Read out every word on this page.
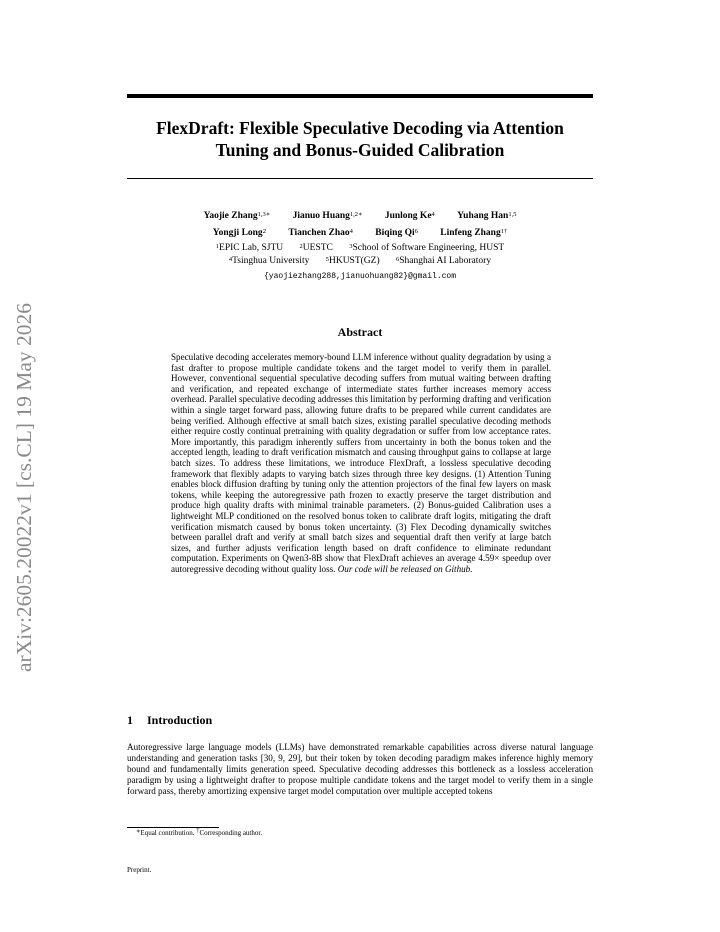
arXiv:2605.20022v1 [cs.CL] 19 May 2026
FlexDraft: Flexible Speculative Decoding via Attention
Tuning and Bonus-Guided Calibration
Yaojie Zhang$^{1,3∗}$ Jianuo Huang$^{1,2∗}$ Junlong Ke$^4$ Yuhang Han$^{1,5}$
Yongji Long$^2$ Tianchen Zhao$^4$ Biqing Qi$^6$ Linfeng Zhang$^{1\dagger}$
$^1$EPIC Lab, SJTU	$^2$UESTC	$^3$School of Software Engineering, HUST
$^4$Tsinghua University	$^5$HKUST(GZ)	$^6$Shanghai AI Laboratory
{yaojiezhang288,jianuohuang82}@gmail.com
Abstract
Speculative decoding accelerates memory-bound LLM inference without quality degradation by using a fast drafter to propose multiple candidate tokens and the target model to verify them in parallel. However, conventional sequential speculative decoding suffers from mutual waiting between drafting and verification, and repeated exchange of intermediate states further increases memory access overhead. Parallel speculative decoding addresses this limitation by performing drafting and verification within a single target forward pass, allowing future drafts to be prepared while current candidates are being verified. Although effective at small batch sizes, existing parallel speculative decoding methods either require costly continual pretraining with quality degradation or suffer from low acceptance rates. More importantly, this paradigm inherently suffers from uncertainty in both the bonus token and the accepted length, leading to draft verification mismatch and causing throughput gains to collapse at large batch sizes. To address these limitations, we introduce FlexDraft, a lossless speculative decoding framework that flexibly adapts to varying batch sizes through three key designs. (1) Attention Tuning enables block diffusion drafting by tuning only the attention projectors of the final few layers on mask tokens, while keeping the autoregressive path frozen to exactly preserve the target distribution and produce high quality drafts with minimal trainable parameters. (2) Bonus-guided Calibration uses a lightweight MLP conditioned on the resolved bonus token to calibrate draft logits, mitigating the draft verification mismatch caused by bonus token uncertainty. (3) Flex Decoding dynamically switches between parallel draft and verify at small batch sizes and sequential draft then verify at large batch sizes, and further adjusts verification length based on draft confidence to eliminate redundant computation. Experiments on Qwen3-8B show that FlexDraft achieves an average 4.59× speedup over autoregressive decoding without quality loss. Our code will be released on Github.
1 Introduction
Autoregressive large language models (LLMs) have demonstrated remarkable capabilities across diverse natural language understanding and generation tasks [30, 9, 29], but their token by token decoding paradigm makes inference highly memory bound and fundamentally limits generation speed. Speculative decoding addresses this bottleneck as a lossless acceleration paradigm by using a lightweight drafter to propose multiple candidate tokens and the target model to verify them in a single forward pass, thereby amortizing expensive target model computation over multiple accepted tokens
∗Equal contribution. †Corresponding author.
Preprint.
